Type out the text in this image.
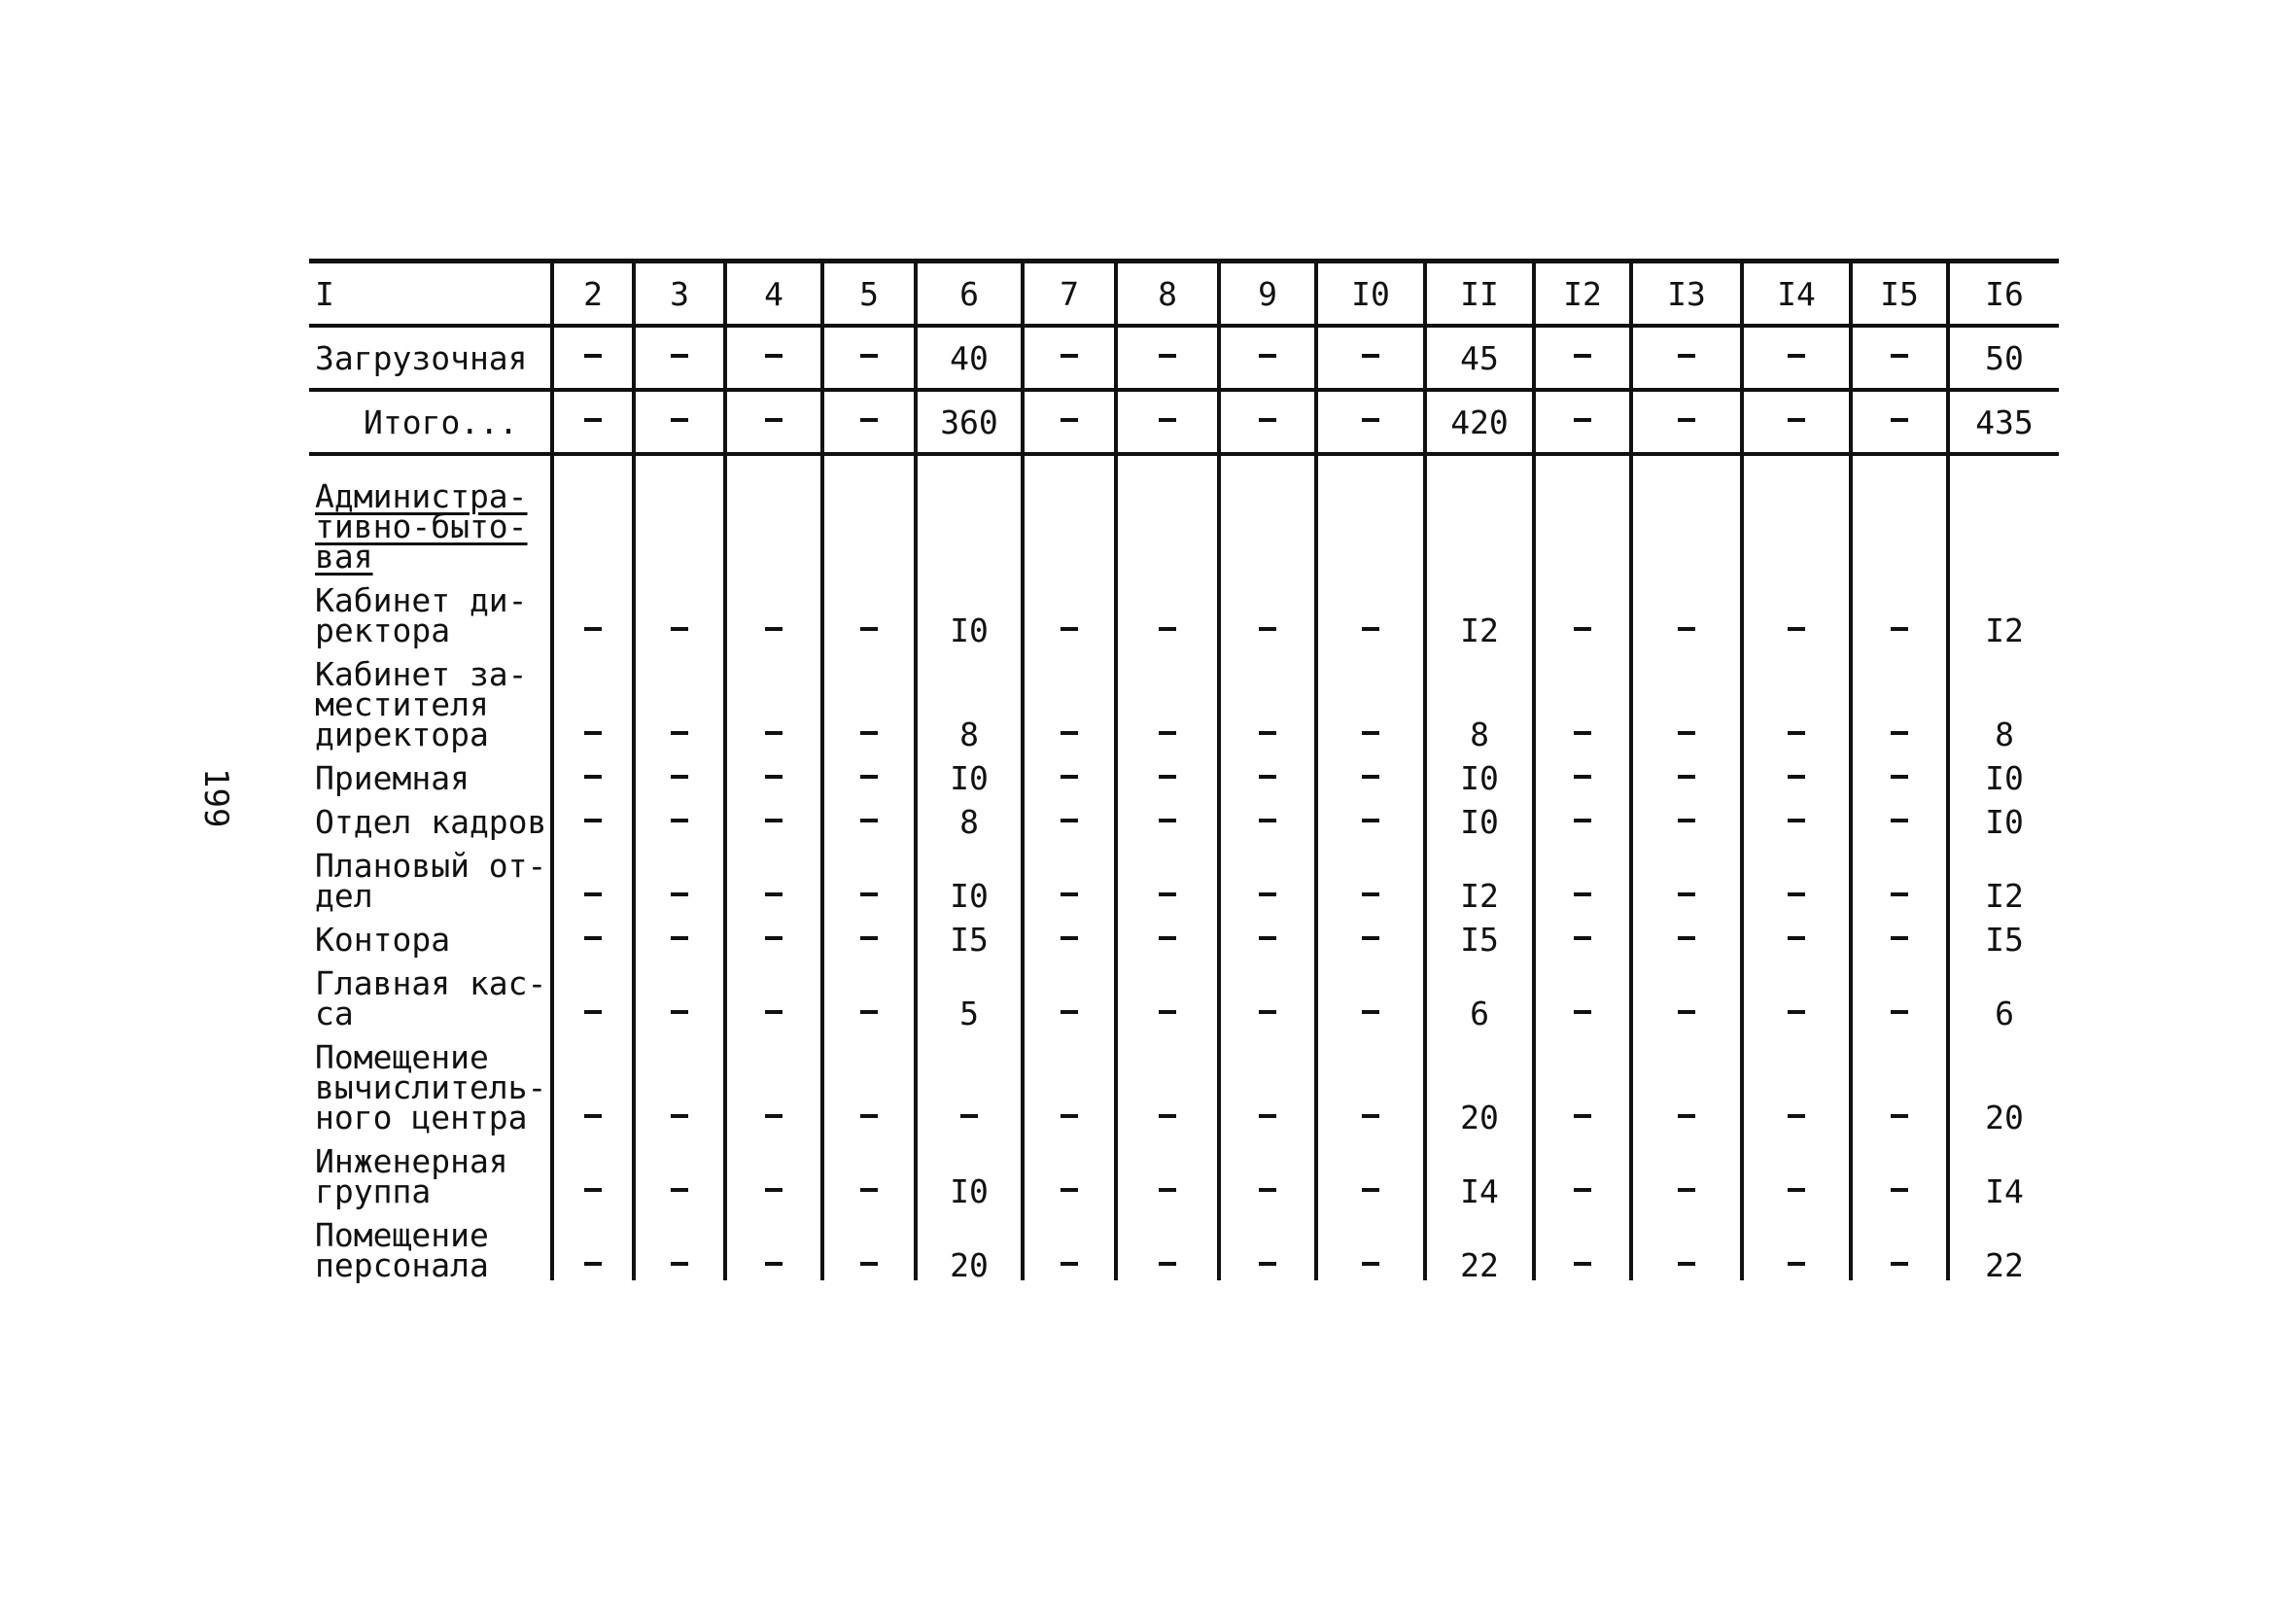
199
I	2	3	4	5	6	7	8	9	I0	II	I2	I3	I4	I5	I6
Загрузочная					40					45					50
Итого...					360					420					435
Администра-
тивно-быто-
вая															
Кабинет ди-
ректора					I0					I2					I2
Кабинет за-
местителя
директора					8					8					8
Приемная					I0					I0					I0
Отдел кадров					8					I0					I0
Плановый от-
дел					I0					I2					I2
Контора					I5					I5					I5
Главная кас-
са					5					6					6
Помещение
вычислитель-
ного центра										20					20
Инженерная
группа					I0					I4					I4
Помещение
персонала					20					22					22
